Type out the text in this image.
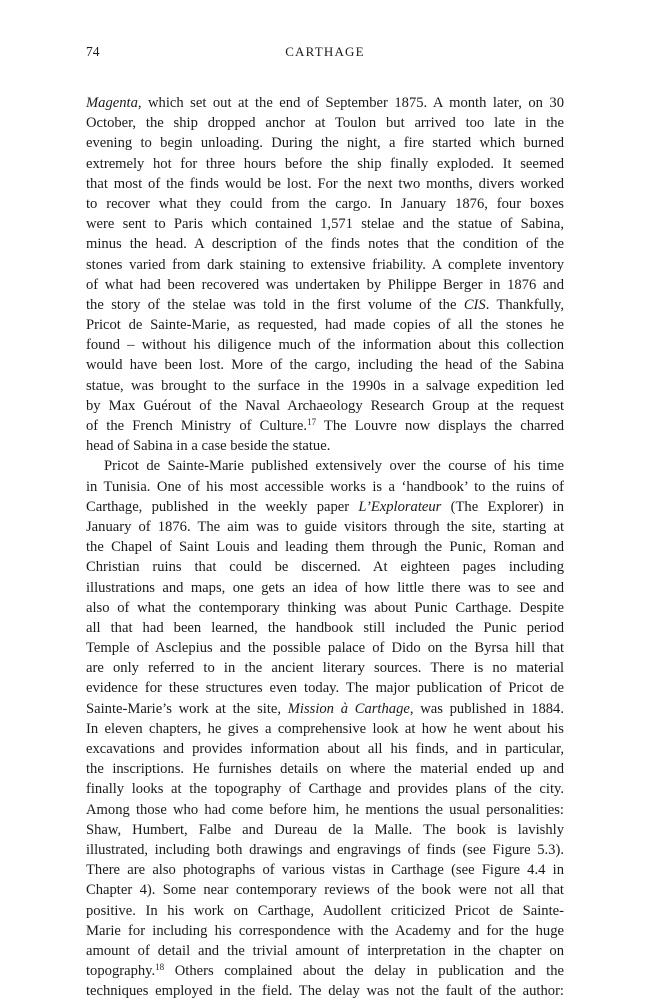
74	CARTHAGE
Magenta, which set out at the end of September 1875. A month later, on 30
October, the ship dropped anchor at Toulon but arrived too late in the
evening to begin unloading. During the night, a fire started which burned
extremely hot for three hours before the ship finally exploded. It seemed
that most of the finds would be lost. For the next two months, divers worked
to recover what they could from the cargo. In January 1876, four boxes
were sent to Paris which contained 1,571 stelae and the statue of Sabina,
minus the head. A description of the finds notes that the condition of the
stones varied from dark staining to extensive friability. A complete inventory
of what had been recovered was undertaken by Philippe Berger in 1876 and
the story of the stelae was told in the first volume of the CIS. Thankfully,
Pricot de Sainte-Marie, as requested, had made copies of all the stones he
found – without his diligence much of the information about this collection
would have been lost. More of the cargo, including the head of the Sabina
statue, was brought to the surface in the 1990s in a salvage expedition led
by Max Guérout of the Naval Archaeology Research Group at the request
of the French Ministry of Culture.$^{17}$ The Louvre now displays the charred
head of Sabina in a case beside the statue.
Pricot de Sainte-Marie published extensively over the course of his time
in Tunisia. One of his most accessible works is a ‘handbook’ to the ruins of
Carthage, published in the weekly paper L’Explorateur (The Explorer) in
January of 1876. The aim was to guide visitors through the site, starting at
the Chapel of Saint Louis and leading them through the Punic, Roman and
Christian ruins that could be discerned. At eighteen pages including
illustrations and maps, one gets an idea of how little there was to see and
also of what the contemporary thinking was about Punic Carthage. Despite
all that had been learned, the handbook still included the Punic period
Temple of Asclepius and the possible palace of Dido on the Byrsa hill that
are only referred to in the ancient literary sources. There is no material
evidence for these structures even today. The major publication of Pricot de
Sainte-Marie’s work at the site, Mission à Carthage, was published in 1884.
In eleven chapters, he gives a comprehensive look at how he went about his
excavations and provides information about all his finds, and in particular,
the inscriptions. He furnishes details on where the material ended up and
finally looks at the topography of Carthage and provides plans of the city.
Among those who had come before him, he mentions the usual personalities:
Shaw, Humbert, Falbe and Dureau de la Malle. The book is lavishly
illustrated, including both drawings and engravings of finds (see Figure 5.3).
There are also photographs of various vistas in Carthage (see Figure 4.4 in
Chapter 4). Some near contemporary reviews of the book were not all that
positive. In his work on Carthage, Audollent criticized Pricot de Sainte-
Marie for including his correspondence with the Academy and for the huge
amount of detail and the trivial amount of interpretation in the chapter on
topography.$^{18}$ Others complained about the delay in publication and the
techniques employed in the field. The delay was not the fault of the author:
